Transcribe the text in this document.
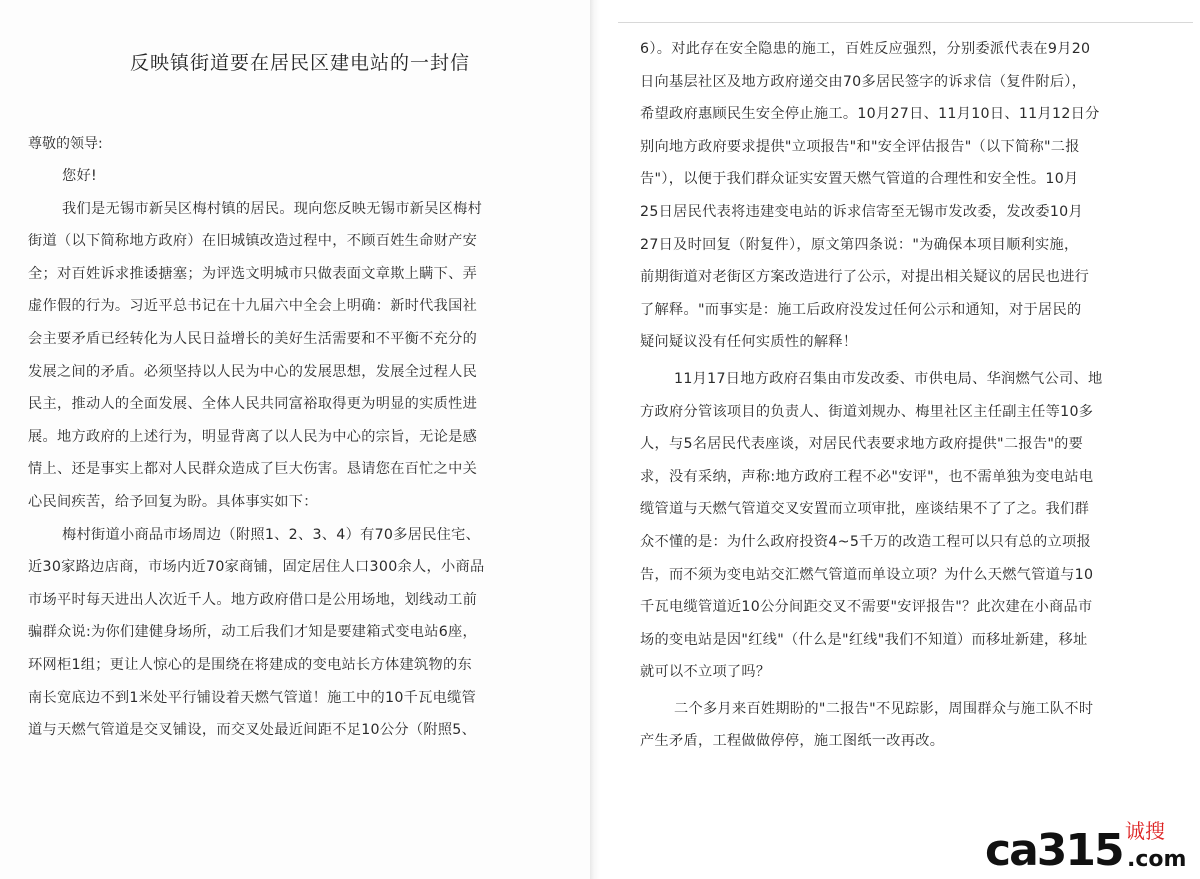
反映镇街道要在居民区建电站的一封信

尊敬的领导:

您好!
我们是无锡市新吴区梅村镇的居民。现向您反映无锡市新吴区梅村
街道（以下简称地方政府）在旧城镇改造过程中，不顾百姓生命财产安
全；对百姓诉求推诿搪塞；为评选文明城市只做表面文章欺上瞒下、弄
虚作假的行为。习近平总书记在十九届六中全会上明确：新时代我国社
会主要矛盾已经转化为人民日益增长的美好生活需要和不平衡不充分的
发展之间的矛盾。必须坚持以人民为中心的发展思想，发展全过程人民
民主，推动人的全面发展、全体人民共同富裕取得更为明显的实质性进
展。地方政府的上述行为，明显背离了以人民为中心的宗旨，无论是感
情上、还是事实上都对人民群众造成了巨大伤害。恳请您在百忙之中关
心民间疾苦，给予回复为盼。具体事实如下：
梅村街道小商品市场周边（附照1、2、3、4）有70多居民住宅、
近30家路边店商，市场内近70家商铺，固定居住人口300余人，小商品
市场平时每天进出人次近千人。地方政府借口是公用场地，划线动工前
骗群众说:为你们建健身场所，动工后我们才知是要建箱式变电站6座，
环网柜1组；更让人惊心的是围绕在将建成的变电站长方体建筑物的东
南长宽底边不到1米处平行铺设着天燃气管道！施工中的10千瓦电缆管
道与天燃气管道是交叉铺设，而交叉处最近间距不足10公分（附照5、
6）。对此存在安全隐患的施工，百姓反应强烈，分别委派代表在9月20
日向基层社区及地方政府递交由70多居民签字的诉求信（复件附后），
希望政府惠顾民生安全停止施工。10月27日、11月10日、11月12日分
别向地方政府要求提供"立项报告"和"安全评估报告"（以下简称"二报
告"），以便于我们群众证实安置天燃气管道的合理性和安全性。10月
25日居民代表将违建变电站的诉求信寄至无锡市发改委，发改委10月
27日及时回复（附复件），原文第四条说："为确保本项目顺利实施，
前期街道对老街区方案改造进行了公示，对提出相关疑议的居民也进行
了解释。"而事实是：施工后政府没发过任何公示和通知，对于居民的
疑问疑议没有任何实质性的解释！
11月17日地方政府召集由市发改委、市供电局、华润燃气公司、地
方政府分管该项目的负责人、街道刘规办、梅里社区主任副主任等10多
人，与5名居民代表座谈，对居民代表要求地方政府提供"二报告"的要
求，没有采纳，声称:地方政府工程不必"安评"，也不需单独为变电站电
缆管道与天燃气管道交叉安置而立项审批，座谈结果不了了之。我们群
众不懂的是：为什么政府投资4~5千万的改造工程可以只有总的立项报
告，而不须为变电站交汇燃气管道而单设立项？为什么天燃气管道与10
千瓦电缆管道近10公分间距交叉不需要"安评报告"？此次建在小商品市
场的变电站是因"红线"（什么是"红线"我们不知道）而移址新建，移址
就可以不立项了吗？
二个多月来百姓期盼的"二报告"不见踪影，周围群众与施工队不时
产生矛盾，工程做做停停，施工图纸一改再改。
ca315 诚搜
.com
